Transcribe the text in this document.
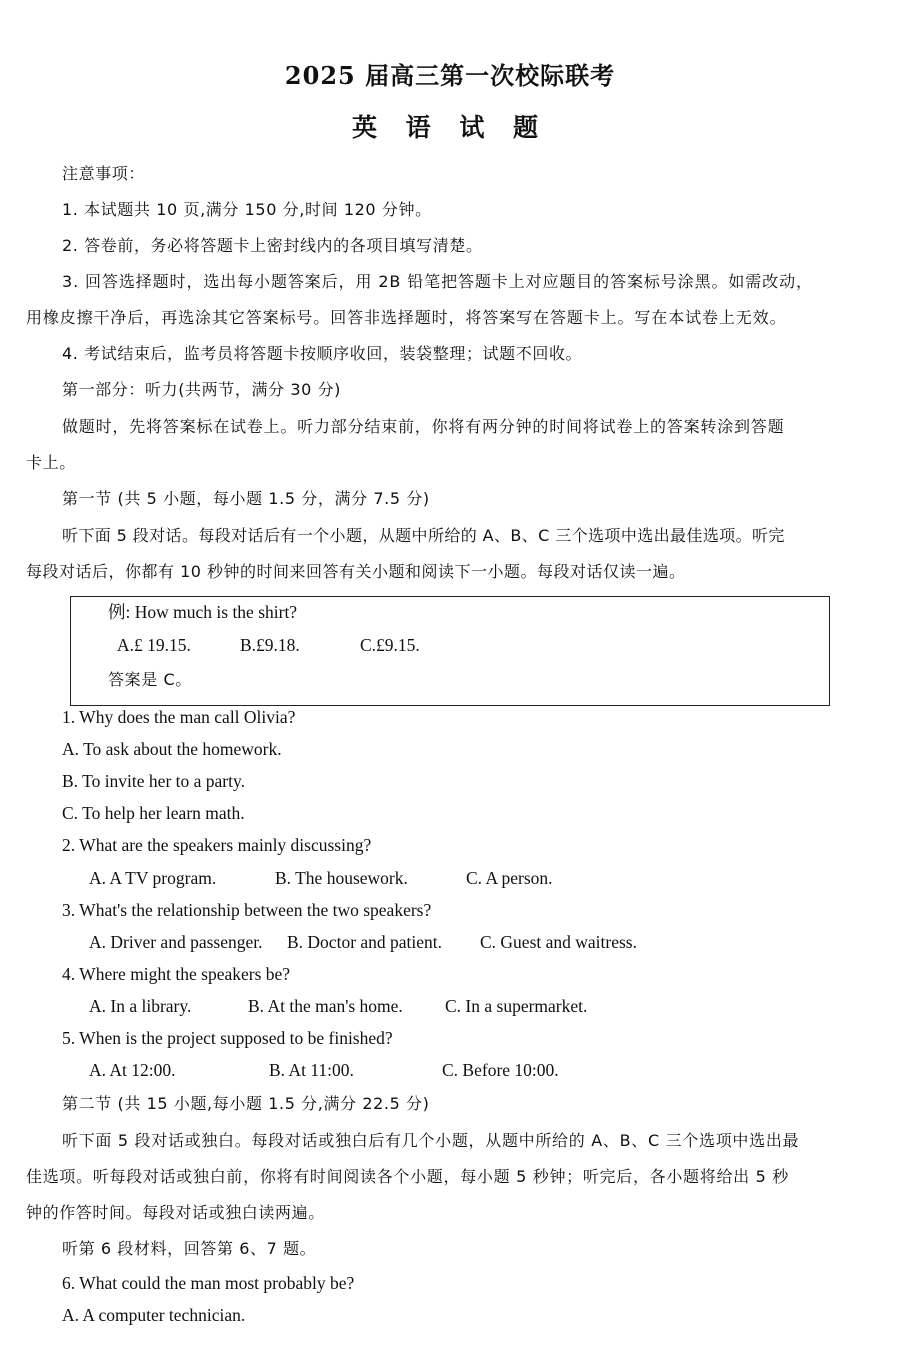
2025 届高三第一次校际联考
英 语 试 题
注意事项：
1. 本试题共 10 页,满分 150 分,时间 120 分钟。
2. 答卷前，务必将答题卡上密封线内的各项目填写清楚。
3. 回答选择题时，选出每小题答案后，用 2B 铅笔把答题卡上对应题目的答案标号涂黑。如需改动，
用橡皮擦干净后，再选涂其它答案标号。回答非选择题时，将答案写在答题卡上。写在本试卷上无效。
4. 考试结束后，监考员将答题卡按顺序收回，装袋整理；试题不回收。
第一部分：听力(共两节，满分 30 分)
做题时，先将答案标在试卷上。听力部分结束前，你将有两分钟的时间将试卷上的答案转涂到答题
卡上。
第一节 (共 5 小题，每小题 1.5 分，满分 7.5 分)
听下面 5 段对话。每段对话后有一个小题，从题中所给的 A、B、C 三个选项中选出最佳选项。听完
每段对话后，你都有 10 秒钟的时间来回答有关小题和阅读下一小题。每段对话仅读一遍。
例: How much is the shirt?
A.£ 19.15.	B.£9.18.	C.£9.15.
答案是 C。
1. Why does the man call Olivia?
A. To ask about the homework.
B. To invite her to a party.
C. To help her learn math.
2. What are the speakers mainly discussing?
A. A TV program.	B. The housework.	C. A person.
3. What's the relationship between the two speakers?
A. Driver and passenger. B. Doctor and patient. C. Guest and waitress.
4. Where might the speakers be?
A. In a library.	B. At the man's home. C. In a supermarket.
5. When is the project supposed to be finished?
A. At 12:00.	B. At 11:00.	C. Before 10:00.
第二节 (共 15 小题,每小题 1.5 分,满分 22.5 分)
听下面 5 段对话或独白。每段对话或独白后有几个小题，从题中所给的 A、B、C 三个选项中选出最
佳选项。听每段对话或独白前，你将有时间阅读各个小题，每小题 5 秒钟；听完后，各小题将给出 5 秒
钟的作答时间。每段对话或独白读两遍。
听第 6 段材料，回答第 6、7 题。
6. What could the man most probably be?
A. A computer technician.
